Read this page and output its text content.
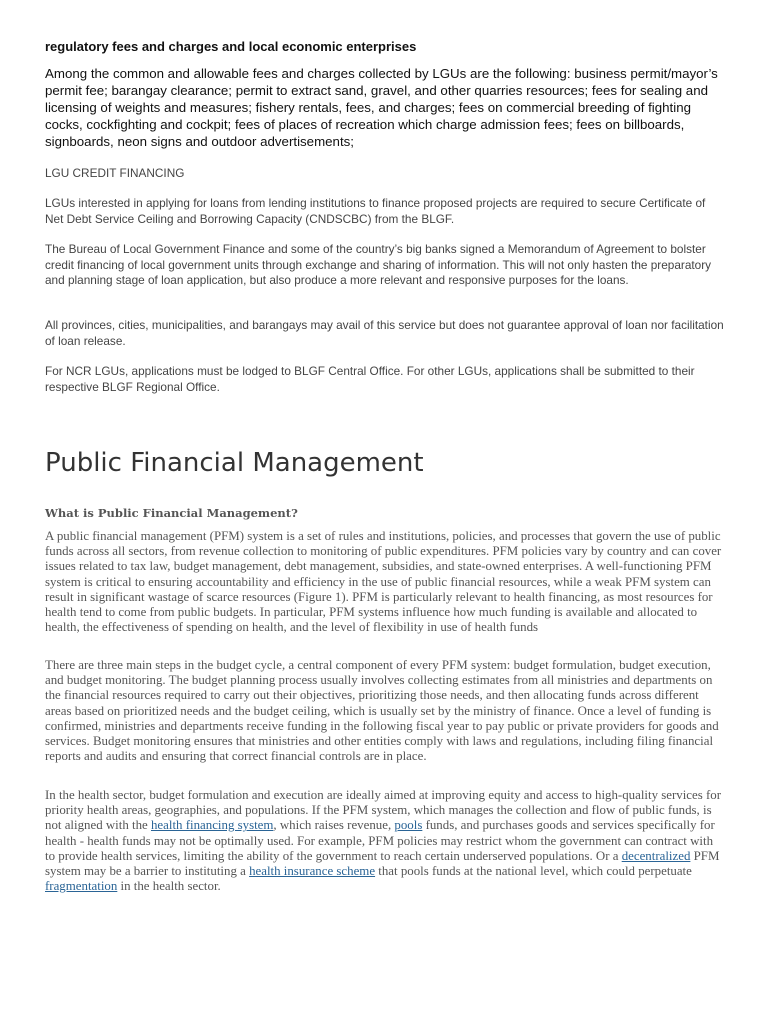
regulatory fees and charges and local economic enterprises

Among the common and allowable fees and charges collected by LGUs are the following: business permit/mayor’s permit fee; barangay clearance; permit to extract sand, gravel, and other quarries resources; fees for sealing and licensing of weights and measures; fishery rentals, fees, and charges; fees on commercial breeding of fighting cocks, cockfighting and cockpit; fees of places of recreation which charge admission fees; fees on billboards, signboards, neon signs and outdoor advertisements;

LGU CREDIT FINANCING

LGUs interested in applying for loans from lending institutions to finance proposed projects are required to secure Certificate of Net Debt Service Ceiling and Borrowing Capacity (CNDSCBC) from the BLGF.

The Bureau of Local Government Finance and some of the country’s big banks signed a Memorandum of Agreement to bolster credit financing of local government units through exchange and sharing of information. This will not only hasten the preparatory and planning stage of loan application, but also produce a more relevant and responsive purposes for the loans.

All provinces, cities, municipalities, and barangays may avail of this service but does not guarantee approval of loan nor facilitation of loan release.

For NCR LGUs, applications must be lodged to BLGF Central Office. For other LGUs, applications shall be submitted to their respective BLGF Regional Office.

Public Financial Management
What is Public Financial Management?

A public financial management (PFM) system is a set of rules and institutions, policies, and processes that govern the use of public funds across all sectors, from revenue collection to monitoring of public expenditures. PFM policies vary by country and can cover issues related to tax law, budget management, debt management, subsidies, and state-owned enterprises. A well-functioning PFM system is critical to ensuring accountability and efficiency in the use of public financial resources, while a weak PFM system can result in significant wastage of scarce resources (Figure 1). PFM is particularly relevant to health financing, as most resources for health tend to come from public budgets. In particular, PFM systems influence how much funding is available and allocated to health, the effectiveness of spending on health, and the level of flexibility in use of health funds

There are three main steps in the budget cycle, a central component of every PFM system: budget formulation, budget execution, and budget monitoring. The budget planning process usually involves collecting estimates from all ministries and departments on the financial resources required to carry out their objectives, prioritizing those needs, and then allocating funds across different areas based on prioritized needs and the budget ceiling, which is usually set by the ministry of finance. Once a level of funding is confirmed, ministries and departments receive funding in the following fiscal year to pay public or private providers for goods and services. Budget monitoring ensures that ministries and other entities comply with laws and regulations, including filing financial reports and audits and ensuring that correct financial controls are in place.

In the health sector, budget formulation and execution are ideally aimed at improving equity and access to high-quality services for priority health areas, geographies, and populations. If the PFM system, which manages the collection and flow of public funds, is not aligned with the health financing system, which raises revenue, pools funds, and purchases goods and services specifically for health - health funds may not be optimally used. For example, PFM policies may restrict whom the government can contract with to provide health services, limiting the ability of the government to reach certain underserved populations. Or a decentralized PFM system may be a barrier to instituting a health insurance scheme that pools funds at the national level, which could perpetuate fragmentation in the health sector.
